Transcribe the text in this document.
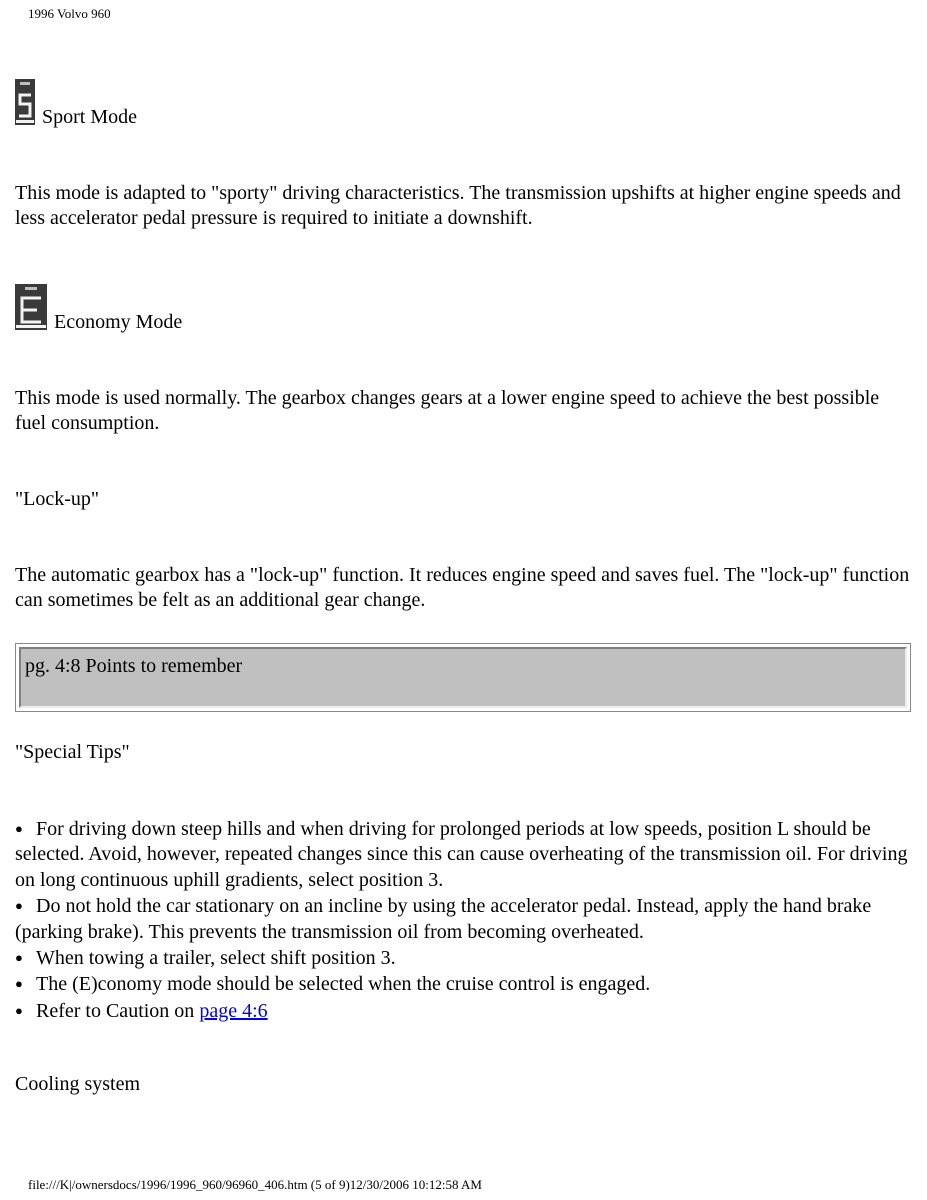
1996 Volvo 960
Sport Mode

This mode is adapted to "sporty" driving characteristics. The transmission upshifts at higher engine speeds and less accelerator pedal pressure is required to initiate a downshift.

Economy Mode

This mode is used normally. The gearbox changes gears at a lower engine speed to achieve the best possible fuel consumption.

"Lock-up"

The automatic gearbox has a "lock-up" function. It reduces engine speed and saves fuel. The "lock-up" function can sometimes be felt as an additional gear change.

pg. 4:8 Points to remember

"Special Tips"

● For driving down steep hills and when driving for prolonged periods at low speeds, position L should be selected. Avoid, however, repeated changes since this can cause overheating of the transmission oil. For driving on long continuous uphill gradients, select position 3.
● Do not hold the car stationary on an incline by using the accelerator pedal. Instead, apply the hand brake (parking brake). This prevents the transmission oil from becoming overheated.
● When towing a trailer, select shift position 3.
● The (E)conomy mode should be selected when the cruise control is engaged.
● Refer to Caution on page 4:6

Cooling system

file:///K|/ownersdocs/1996/1996_960/96960_406.htm (5 of 9)12/30/2006 10:12:58 AM
